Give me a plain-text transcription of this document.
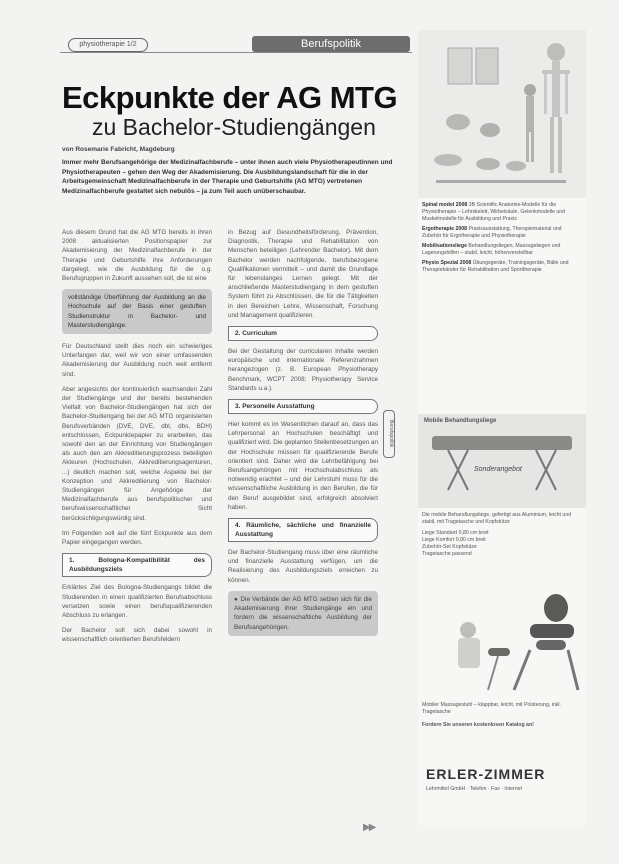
physiotherapie 1/2	Berufspolitik
Eckpunkte der AG MTG
zu Bachelor-Studiengängen
von Rosemarie Fabricht, Magdeburg
Immer mehr Berufsangehörige der Medizinalfachberufe – unter ihnen auch viele Physiotherapeutinnen und Physiotherapeuten – gehen den Weg der Akademisierung. Die Ausbildungslandschaft für die in der Arbeitsgemeinschaft Medizinalfachberufe in der Therapie und Geburtshilfe (AG MTG) vertretenen Medizinalfachberufe gestaltet sich nebulös – ja zum Teil auch unüberschaubar.

Aus diesem Grund hat die AG MTG bereits in ihren 2008 aktualisierten Positionspapier zur Akademisierung der Medizinalfachberufe in der Therapie und Geburtshilfe ihre Anforderungen dargelegt, wie die Ausbildung für die o.g. Berufsgruppen in Zukunft aussehen soll, die ist eine

vollständige Überführung der Ausbildung an die Hochschule auf der Basis einer gestuften Studienstruktur in Bachelor- und Masterstudiengänge.

Für Deutschland stellt dies noch ein schwieriges Unterfangen dar, weil wir von einer umfassenden Akademisierung der Ausbildung noch weit entfernt sind.

Aber angesichts der kontinuierlich wachsenden Zahl der Studiengänge und der bereits bestehenden Vielfalt von Bachelor-Studiengängen hat sich der Bachelor-Studiengang bei der AG MTG organisierten Berufsverbänden (DVE, DVE, dbl, dbs, BDH) entschlossen, Eckpunktepapier zu erarbeiten, das sowohl den an der Einrichtung von Studiengängen als auch den am Akkreditierungsprozess beteiligten Akteuren (Hochschulen, Akkreditierungsagenturen, ...) deutlich machen soll, welche Aspekte bei der Konzeption und Akkreditierung von Bachelor-Studiengängen für Angehörige der Medizinalfachberufe aus berufspolitischer und berufswissenschaftlicher Sicht berücksichtigungswürdig sind.

Im Folgenden soll auf die fünf Eckpunkte aus dem Papier eingegangen werden.

1. Bologna-Kompatibilität des Ausbildungsziels

Erklärtes Ziel des Bologna-Studiengangs bildet die Studierenden in einen qualifizierten Berufsabschluss versetzen sowie einen berufsqualifizierenden Abschluss zu erlangen.

Der Bachelor soll sich dabei sowohl in wissenschaftlich orientierten Berufsfeldern

in Bezug auf Gesundheitsförderung, Prävention, Diagnostik, Therapie und Rehabilitation von Menschen beteiligen (Lehrender Bachelor). Mit dem Bachelor werden nachfolgende, berufsbezogene Qualifikationen vermittelt – und damit die Grundlage für lebenslanges Lernen gelegt. Mit der anschließende Masterstudiengang in dem gestuften System führt zu Abschlüssen, die für die Tätigkeiten in den Bereichen Lehre, Wissenschaft, Forschung und Management qualifizieren.

2. Curriculum

Bei der Gestaltung der curricularen Inhalte werden europäische und internationale Referenzrahmen herangezogen (z. B. European Physiotherapy Benchmark, WCPT 2008; Physiotherapy Service Standards u.a.).

3. Personelle Ausstattung

Hier kommt es im Wesentlichen darauf an, dass das Lehrpersonal an Hochschulen beschäftigt und qualifiziert wird. Die geplanten Stellenbesetzungen an der Hochschule müssen für qualifizierende Berufe orientiert sind. Daher wird die Lehrbefähigung bei Berufsangehörigen mit Hochschulabschluss als notwendig erachtet – und der Lehrstuhl muss für die wissenschaftliche Ausbildung in den Berufen, die für den Beruf ausgebildet sind, erfolgreich absolviert haben.

4. Räumliche, sächliche und finanzielle Ausstattung

Der Bachelor-Studiengang muss über eine räumliche und finanzielle Ausstattung verfügen, um die Realisierung des Ausbildungsziels erreichen zu können.

● Die Verbände der AG MTG setzen sich für die Akademisierung ihrer Studiengänge ein und fordern die wissenschaftliche Ausbildung der Berufsangehörigen.
Berufspolitik
▶▶
Spinal model 2008 3B Scientific Anatomie-Modelle für die Physiotherapie – Lehrskelett, Wirbelsäule, Gelenkmodelle und Muskelmodelle für Ausbildung und Praxis
Ergotherapie 2008 Praxisausstattung, Therapiematerial und Zubehör für Ergotherapie und Physiotherapie
Mobilisationsliege Behandlungsliegen, Massageliegen und Lagerungshilfen – stabil, leicht, höhenverstellbar
Physio Spezial 2008 Übungsgeräte, Trainingsgeräte, Bälle und Therapiebänder für Rehabilitation und Sporttherapie
Mobile Behandlungsliege
Sonderangebot
Die mobile Behandlungsliege, gefertigt aus Aluminium, leicht und stabil, mit Tragetasche und Kopfstütze
Liege Standard 0,80 cm breit
Liege Komfort 0,80 cm breit
Zubehör-Set Kopfstütze
Tragetasche passend
Mobiler Massagestuhl – klappbar, leicht, mit Polsterung, inkl. Tragetasche
Fordern Sie unseren kostenlosen Katalog an!
ERLER-ZIMMER
Lehrmittel GmbH · Telefon · Fax · Internet
